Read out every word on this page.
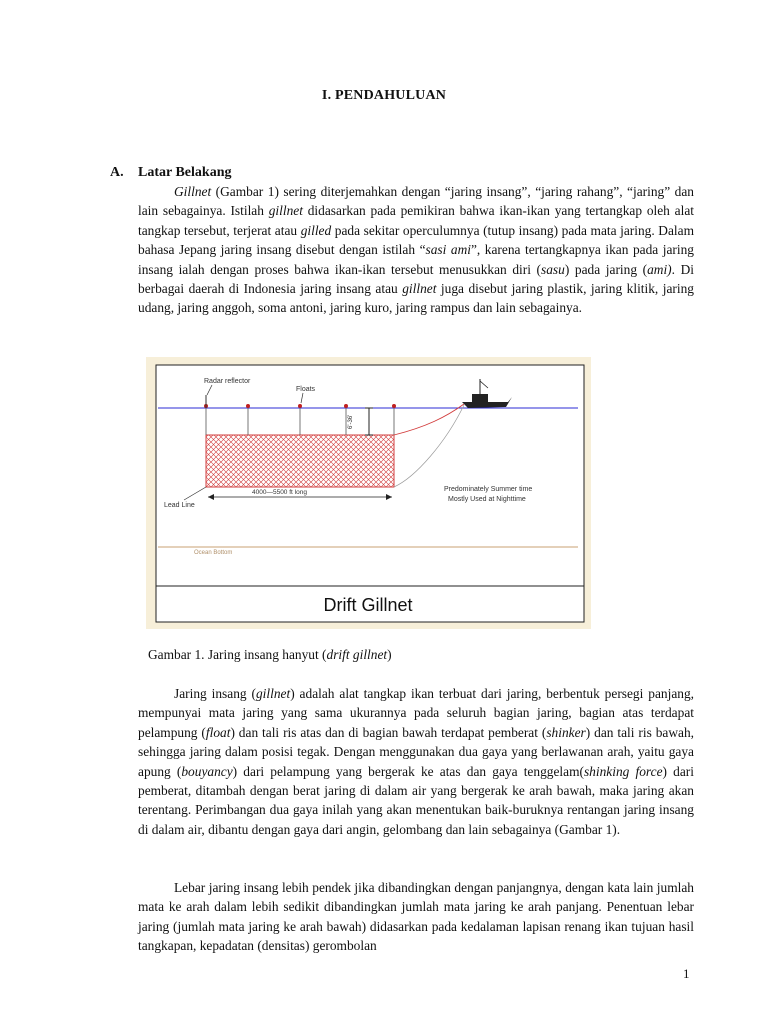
I. PENDAHULUAN
A. Latar Belakang

Gillnet (Gambar 1) sering diterjemahkan dengan “jaring insang”, “jaring rahang”, “jaring” dan lain sebagainya. Istilah gillnet didasarkan pada pemikiran bahwa ikan-ikan yang tertangkap oleh alat tangkap tersebut, terjerat atau gilled pada sekitar operculumnya (tutup insang) pada mata jaring. Dalam bahasa Jepang jaring insang disebut dengan istilah “sasi ami”, karena tertangkapnya ikan pada jaring insang ialah dengan proses bahwa ikan-ikan tersebut menusukkan diri (sasu) pada jaring (ami). Di berbagai daerah di Indonesia jaring insang atau gillnet juga disebut jaring plastik, jaring klitik, jaring udang, jaring anggoh, soma antoni, jaring kuro, jaring rampus dan lain sebagainya.

6'-36'
Radar reflector
Floats
4000—5500 ft long
Lead Line
Predominately Summer time
Mostly Used at Nighttime
Ocean Bottom
Drift Gillnet
Gambar 1. Jaring insang hanyut (drift gillnet)

Jaring insang (gillnet) adalah alat tangkap ikan terbuat dari jaring, berbentuk persegi panjang, mempunyai mata jaring yang sama ukurannya pada seluruh bagian jaring, bagian atas terdapat pelampung (float) dan tali ris atas dan di bagian bawah terdapat pemberat (shinker) dan tali ris bawah, sehingga jaring dalam posisi tegak. Dengan menggunakan dua gaya yang berlawanan arah, yaitu gaya apung (bouyancy) dari pelampung yang bergerak ke atas dan gaya tenggelam(shinking force) dari pemberat, ditambah dengan berat jaring di dalam air yang bergerak ke arah bawah, maka jaring akan terentang. Perimbangan dua gaya inilah yang akan menentukan baik-buruknya rentangan jaring insang di dalam air, dibantu dengan gaya dari angin, gelombang dan lain sebagainya (Gambar 1).

Lebar jaring insang lebih pendek jika dibandingkan dengan panjangnya, dengan kata lain jumlah mata ke arah dalam lebih sedikit dibandingkan jumlah mata jaring ke arah panjang. Penentuan lebar jaring (jumlah mata jaring ke arah bawah) didasarkan pada kedalaman lapisan renang ikan tujuan hasil tangkapan, kepadatan (densitas) gerombolan

1
